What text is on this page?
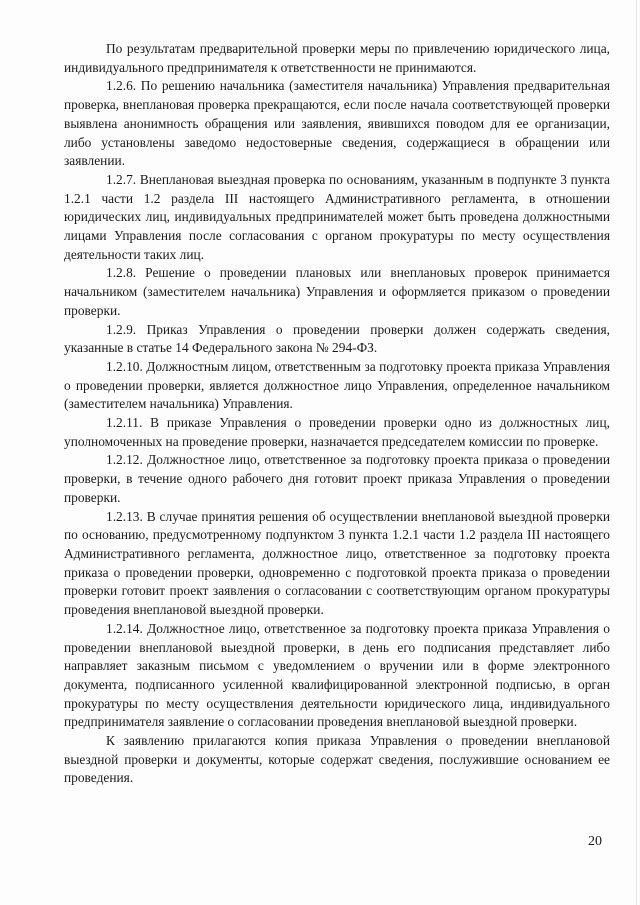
По результатам предварительной проверки меры по привлечению юридического лица, индивидуального предпринимателя к ответственности не принимаются.

1.2.6. По решению начальника (заместителя начальника) Управления предварительная проверка, внеплановая проверка прекращаются, если после начала соответствующей проверки выявлена анонимность обращения или заявления, явившихся поводом для ее организации, либо установлены заведомо недостоверные сведения, содержащиеся в обращении или заявлении.

1.2.7. Внеплановая выездная проверка по основаниям, указанным в подпункте 3 пункта 1.2.1 части 1.2 раздела III настоящего Административного регламента, в отношении юридических лиц, индивидуальных предпринимателей может быть проведена должностными лицами Управления после согласования с органом прокуратуры по месту осуществления деятельности таких лиц.

1.2.8. Решение о проведении плановых или внеплановых проверок принимается начальником (заместителем начальника) Управления и оформляется приказом о проведении проверки.

1.2.9. Приказ Управления о проведении проверки должен содержать сведения, указанные в статье 14 Федерального закона № 294-ФЗ.

1.2.10. Должностным лицом, ответственным за подготовку проекта приказа Управления о проведении проверки, является должностное лицо Управления, определенное начальником (заместителем начальника) Управления.

1.2.11. В приказе Управления о проведении проверки одно из должностных лиц, уполномоченных на проведение проверки, назначается председателем комиссии по проверке.

1.2.12. Должностное лицо, ответственное за подготовку проекта приказа о проведении проверки, в течение одного рабочего дня готовит проект приказа Управления о проведении проверки.

1.2.13. В случае принятия решения об осуществлении внеплановой выездной проверки по основанию, предусмотренному подпунктом 3 пункта 1.2.1 части 1.2 раздела III настоящего Административного регламента, должностное лицо, ответственное за подготовку проекта приказа о проведении проверки, одновременно с подготовкой проекта приказа о проведении проверки готовит проект заявления о согласовании с соответствующим органом прокуратуры проведения внеплановой выездной проверки.

1.2.14. Должностное лицо, ответственное за подготовку проекта приказа Управления о проведении внеплановой выездной проверки, в день его подписания представляет либо направляет заказным письмом с уведомлением о вручении или в форме электронного документа, подписанного усиленной квалифицированной электронной подписью, в орган прокуратуры по месту осуществления деятельности юридического лица, индивидуального предпринимателя заявление о согласовании проведения внеплановой выездной проверки.

К заявлению прилагаются копия приказа Управления о проведении внеплановой выездной проверки и документы, которые содержат сведения, послужившие основанием ее проведения.

20
